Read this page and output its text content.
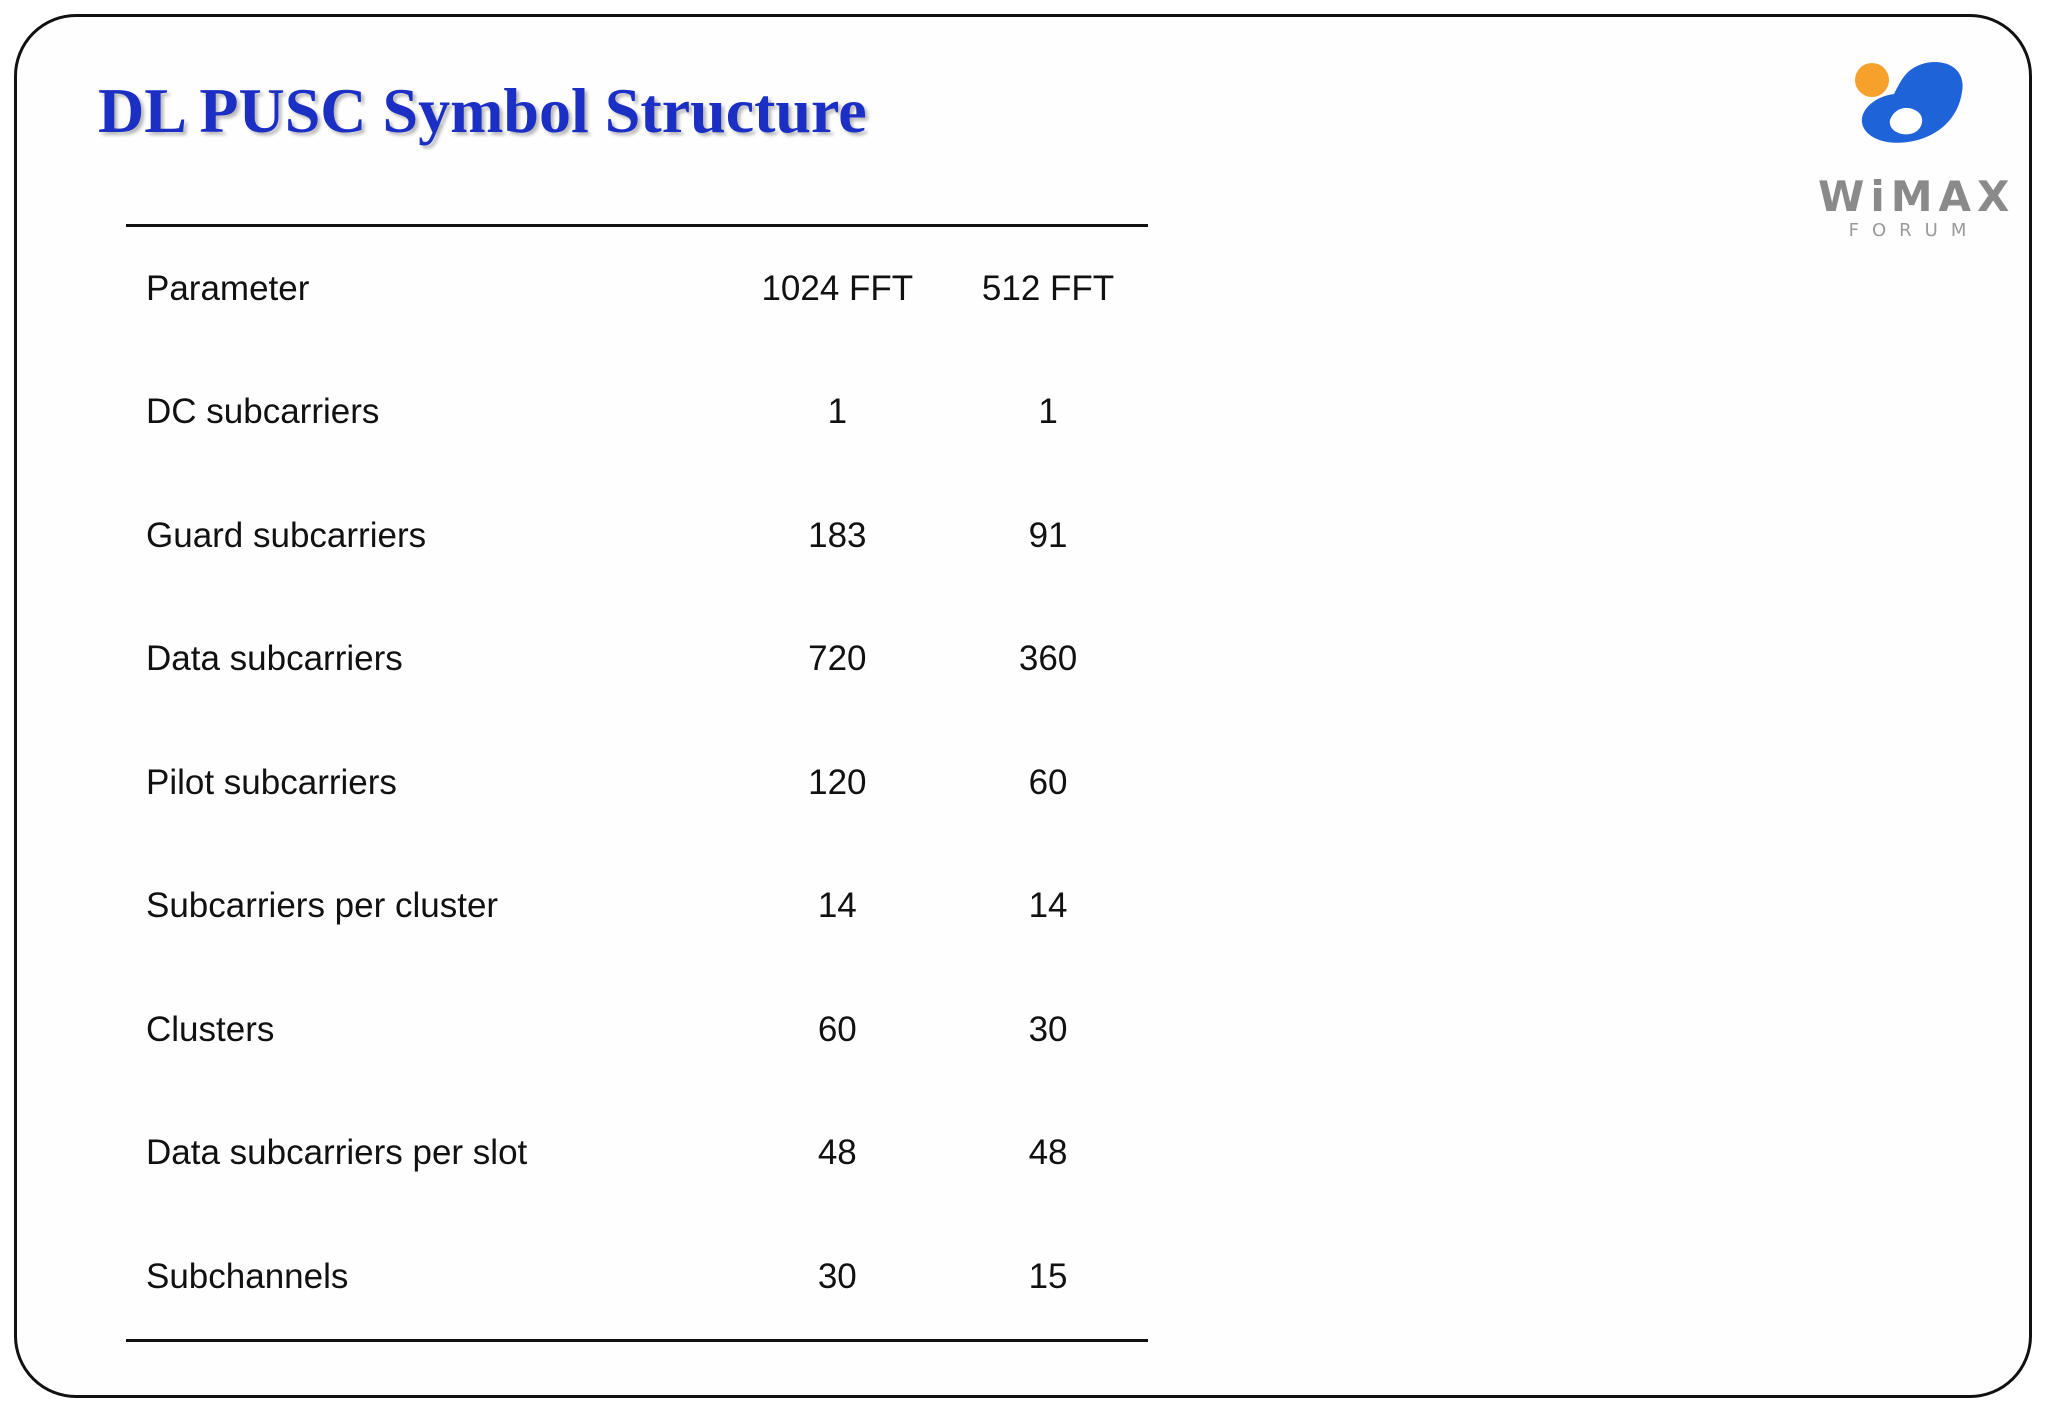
DL PUSC Symbol Structure
WiMAX
FORUM
Parameter	1024 FFT	512 FFT
DC subcarriers	1	1
Guard subcarriers	183	91
Data subcarriers	720	360
Pilot subcarriers	120	60
Subcarriers per cluster	14	14
Clusters	60	30
Data subcarriers per slot	48	48
Subchannels	30	15
